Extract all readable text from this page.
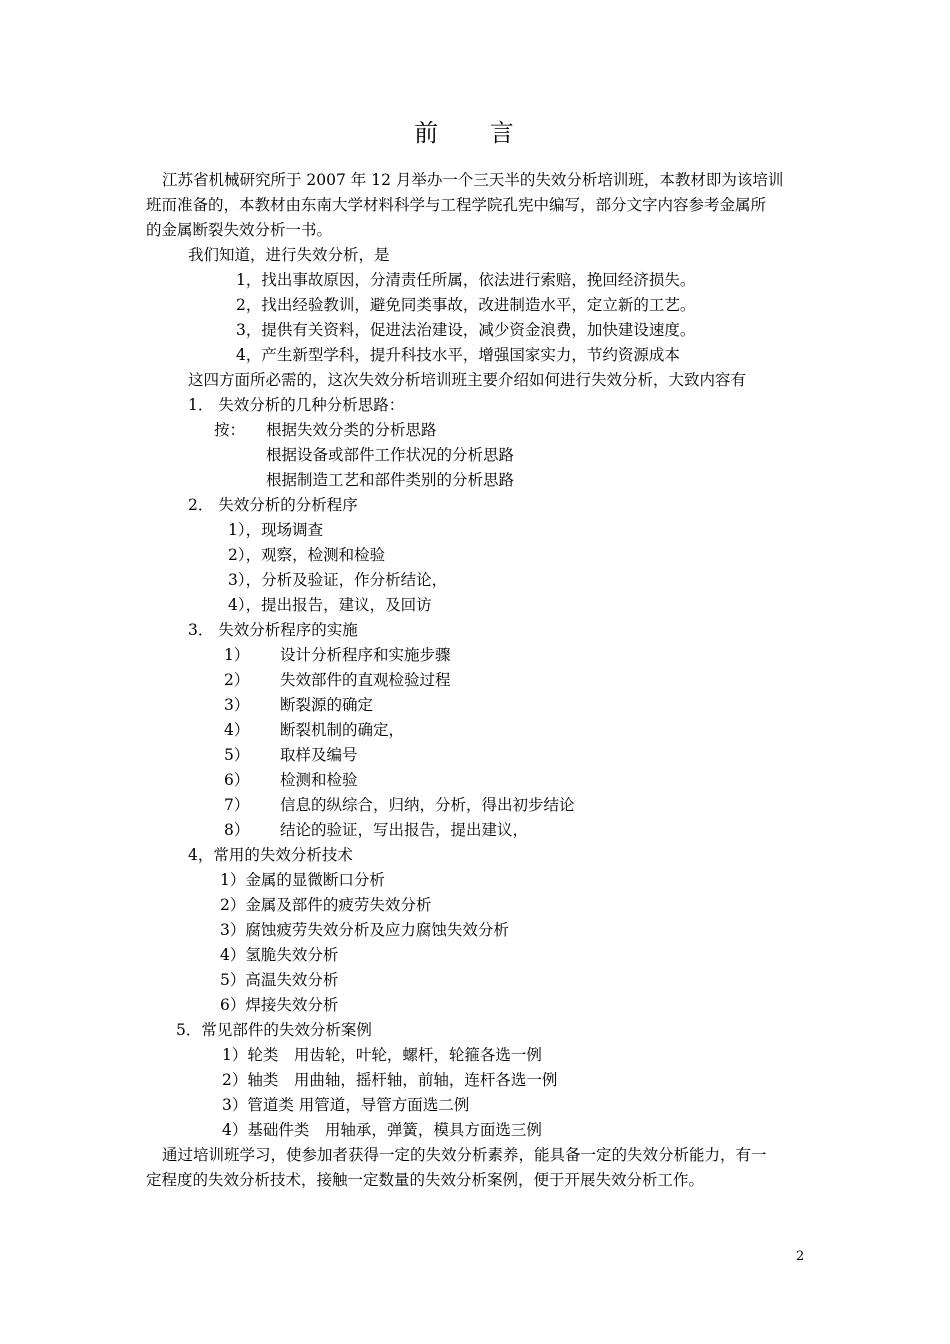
前 言
江苏省机械研究所于 2007 年 12 月举办一个三天半的失效分析培训班，本教材即为该培训
班而准备的，本教材由东南大学材料科学与工程学院孔宪中编写，部分文字内容参考金属所
的金属断裂失效分析一书。
我们知道，进行失效分析，是
1，找出事故原因，分清责任所属，依法进行索赔，挽回经济损失。
2，找出经验教训，避免同类事故，改进制造水平，定立新的工艺。
3，提供有关资料，促进法治建设，减少资金浪费，加快建设速度。
4，产生新型学科，提升科技水平，增强国家实力，节约资源成本
这四方面所必需的，这次失效分析培训班主要介绍如何进行失效分析，大致内容有
1． 失效分析的几种分析思路：
按： 根据失效分类的分析思路
根据设备或部件工作状况的分析思路
根据制造工艺和部件类别的分析思路
2． 失效分析的分析程序
1），现场调查
2），观察，检测和检验
3），分析及验证，作分析结论，
4），提出报告，建议，及回访
3． 失效分析程序的实施
1） 设计分析程序和实施步骤
2） 失效部件的直观检验过程
3） 断裂源的确定
4） 断裂机制的确定，
5） 取样及编号
6） 检测和检验
7） 信息的纵综合，归纳，分析，得出初步结论
8） 结论的验证，写出报告，提出建议，
4，常用的失效分析技术
1）金属的显微断口分析
2）金属及部件的疲劳失效分析
3）腐蚀疲劳失效分析及应力腐蚀失效分析
4）氢脆失效分析
5）高温失效分析
6）焊接失效分析
5．常见部件的失效分析案例
1）轮类　用齿轮，叶轮，螺杆，轮箍各选一例
2）轴类　用曲轴，摇杆轴，前轴，连杆各选一例
3）管道类 用管道，导管方面选二例
4）基础件类　用轴承，弹簧，模具方面选三例
通过培训班学习，使参加者获得一定的失效分析素养，能具备一定的失效分析能力，有一
定程度的失效分析技术，接触一定数量的失效分析案例，便于开展失效分析工作。
2
